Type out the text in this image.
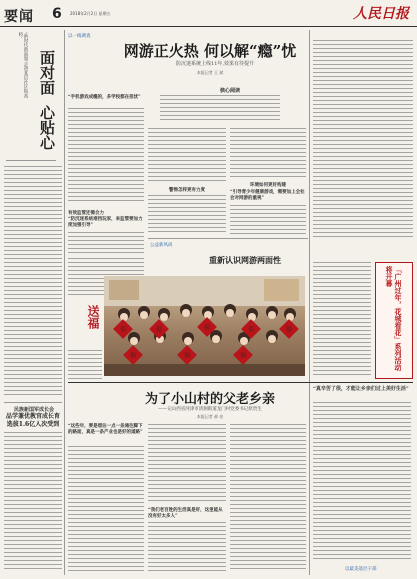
要闻 6 2018年2月2日 星期五	人民日报
·新时代新面貌·走进基层社区和高校·
面对面
心贴心
民族新国军成长会
品学兼优教官成长育 选拔1.6亿人次受到
以一线调查
网游正火热 何以解“瘾”忧
防沉迷系统上线11年,效果有待提升
本报记者 王 斌
核心阅读
“手机游戏成瘾的，多学校都在担忧”
有效监管还需合力
“防沉迷系统难挡玩家，来监管要加力度加强引导”
警惕怎样更有力度
环境如何更好构建
“引导青少年健康游戏，需要加上全社会对网游的重视”
公益新风尚
重新认识网游两面性
送福
福	福	福	福	福
福	福	福	「广州过年，花城看花」系列活动将开幕
为了小山村的父老乡亲
——记山西省河津市清涧街道龙门村党委书记原贵生
本报记者 郝 亮
“这些年，要是想沾一点一条通往脚下的路面，真是一条产业也是好的道路”
“我们老百姓的生活真是好，这里能从没有好太多人”
“真辛苦了很，才能让乡亲们过上美好生活”
以最美基层干部
